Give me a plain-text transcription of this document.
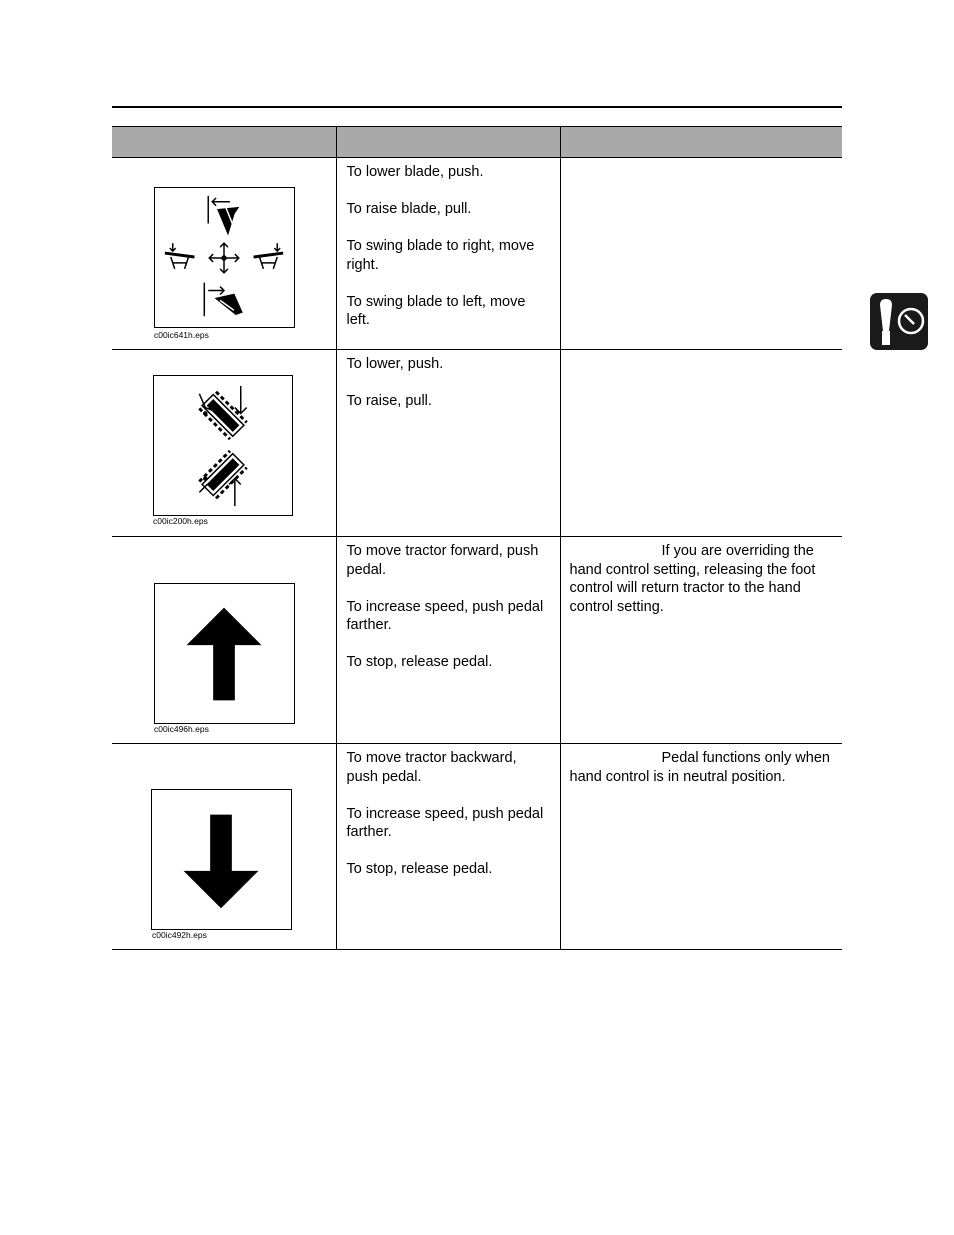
c00ic641h.eps	To lower blade, push.

To raise blade, pull.

To swing blade to right, move right.

To swing blade to left, move left.	

c00ic200h.eps	To lower, push.

To raise, pull.	

c00ic496h.eps	To move tractor forward, push pedal.

To increase speed, push pedal farther.

To stop, release pedal.	If you are overriding the hand control setting, releasing the foot control will return tractor to the hand control setting.

c00ic492h.eps	To move tractor backward, push pedal.

To increase speed, push pedal farther.

To stop, release pedal.	Pedal functions only when hand control is in neutral position.
